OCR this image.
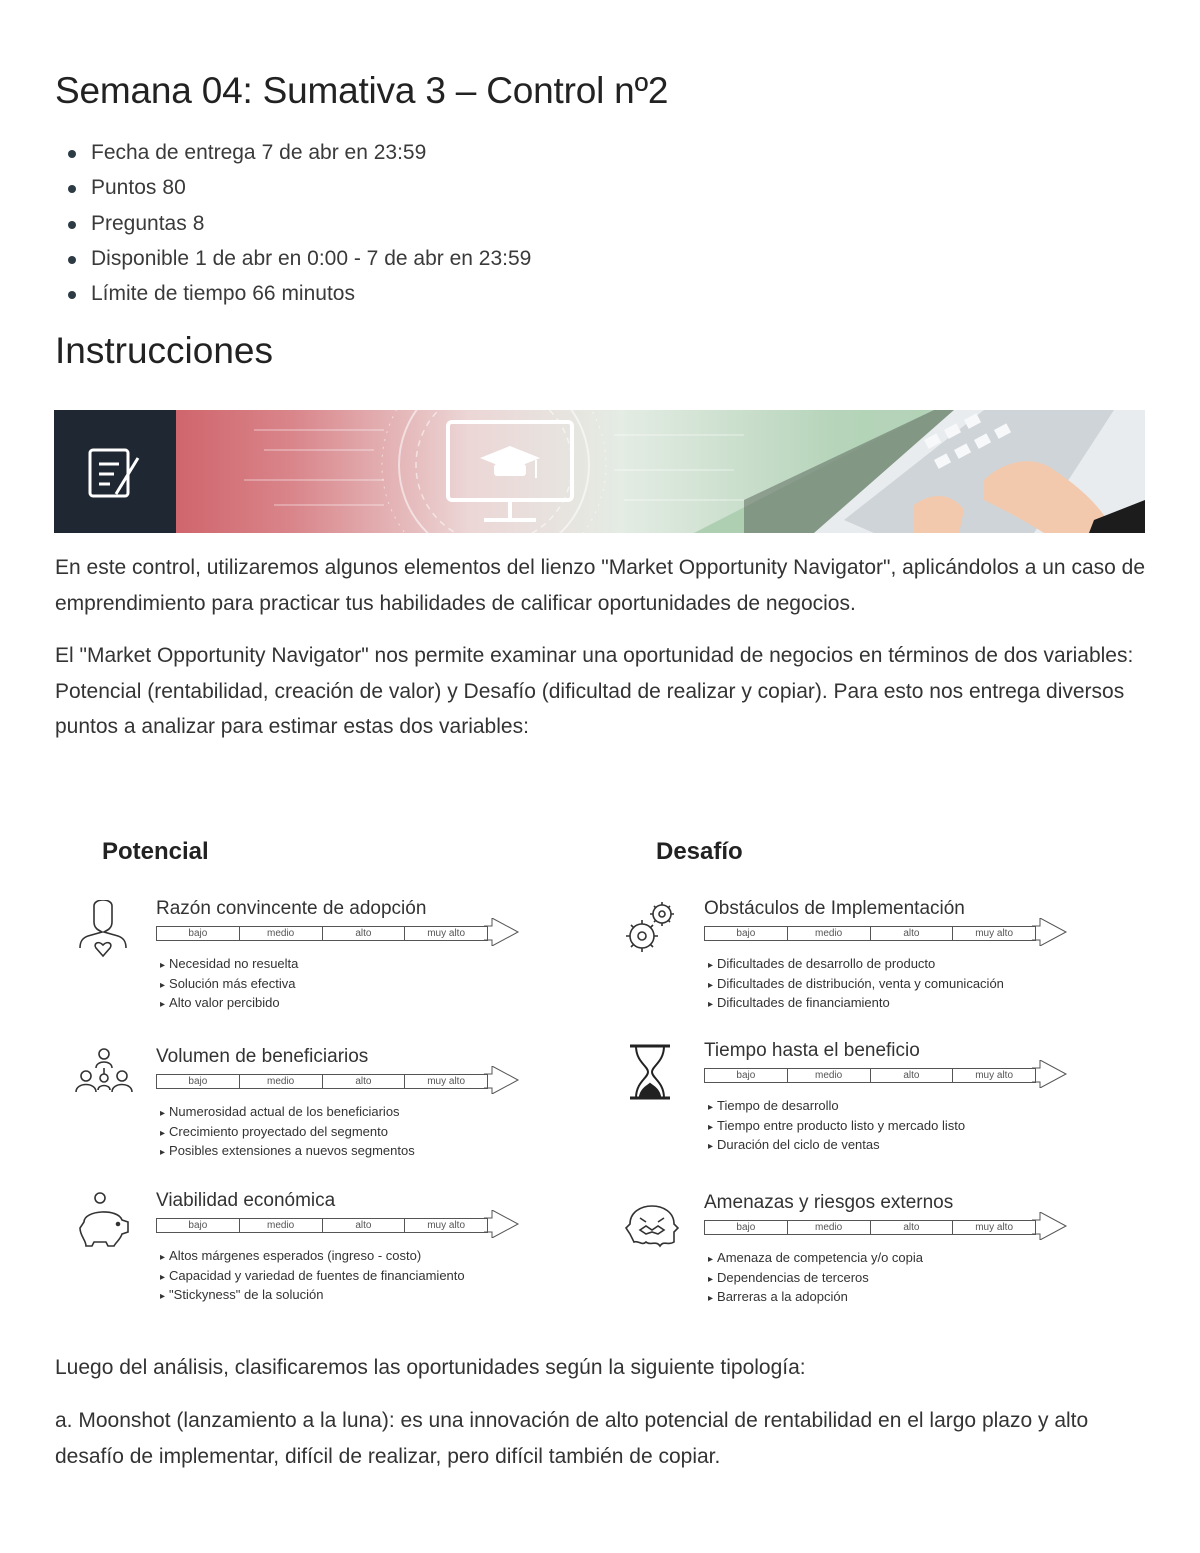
Semana 04: Sumativa 3 – Control nº2
Fecha de entrega 7 de abr en 23:59
Puntos 80
Preguntas 8
Disponible 1 de abr en 0:00 - 7 de abr en 23:59
Límite de tiempo 66 minutos
Instrucciones

En este control, utilizaremos algunos elementos del lienzo "Market Opportunity Navigator", aplicándolos a un caso de emprendimiento para practicar tus habilidades de calificar oportunidades de negocios.

El "Market Opportunity Navigator" nos permite examinar una oportunidad de negocios en términos de dos variables: Potencial (rentabilidad, creación de valor) y Desafío (dificultad de realizar y copiar). Para esto nos entrega diversos puntos a analizar para estimar estas dos variables:

Potencial	Desafío
Razón convincente de adopción
bajo	medio	alto	muy alto
▸ Necesidad no resuelta
▸ Solución más efectiva
▸ Alto valor percibido
Volumen de beneficiarios
bajo	medio	alto	muy alto
▸ Numerosidad actual de los beneficiarios
▸ Crecimiento proyectado del segmento
▸ Posibles extensiones a nuevos segmentos
Viabilidad económica
bajo	medio	alto	muy alto
▸ Altos márgenes esperados (ingreso - costo)
▸ Capacidad y variedad de fuentes de financiamiento
▸ "Stickyness" de la solución
Obstáculos de Implementación
bajo	medio	alto	muy alto
▸ Dificultades de desarrollo de producto
▸ Dificultades de distribución, venta y comunicación
▸ Dificultades de financiamiento
Tiempo hasta el beneficio
bajo	medio	alto	muy alto
▸ Tiempo de desarrollo
▸ Tiempo entre producto listo y mercado listo
▸ Duración del ciclo de ventas
Amenazas y riesgos externos
bajo	medio	alto	muy alto
▸ Amenaza de competencia y/o copia
▸ Dependencias de terceros
▸ Barreras a la adopción

Luego del análisis, clasificaremos las oportunidades según la siguiente tipología:

a. Moonshot (lanzamiento a la luna): es una innovación de alto potencial de rentabilidad en el largo plazo y alto desafío de implementar, difícil de realizar, pero difícil también de copiar.
